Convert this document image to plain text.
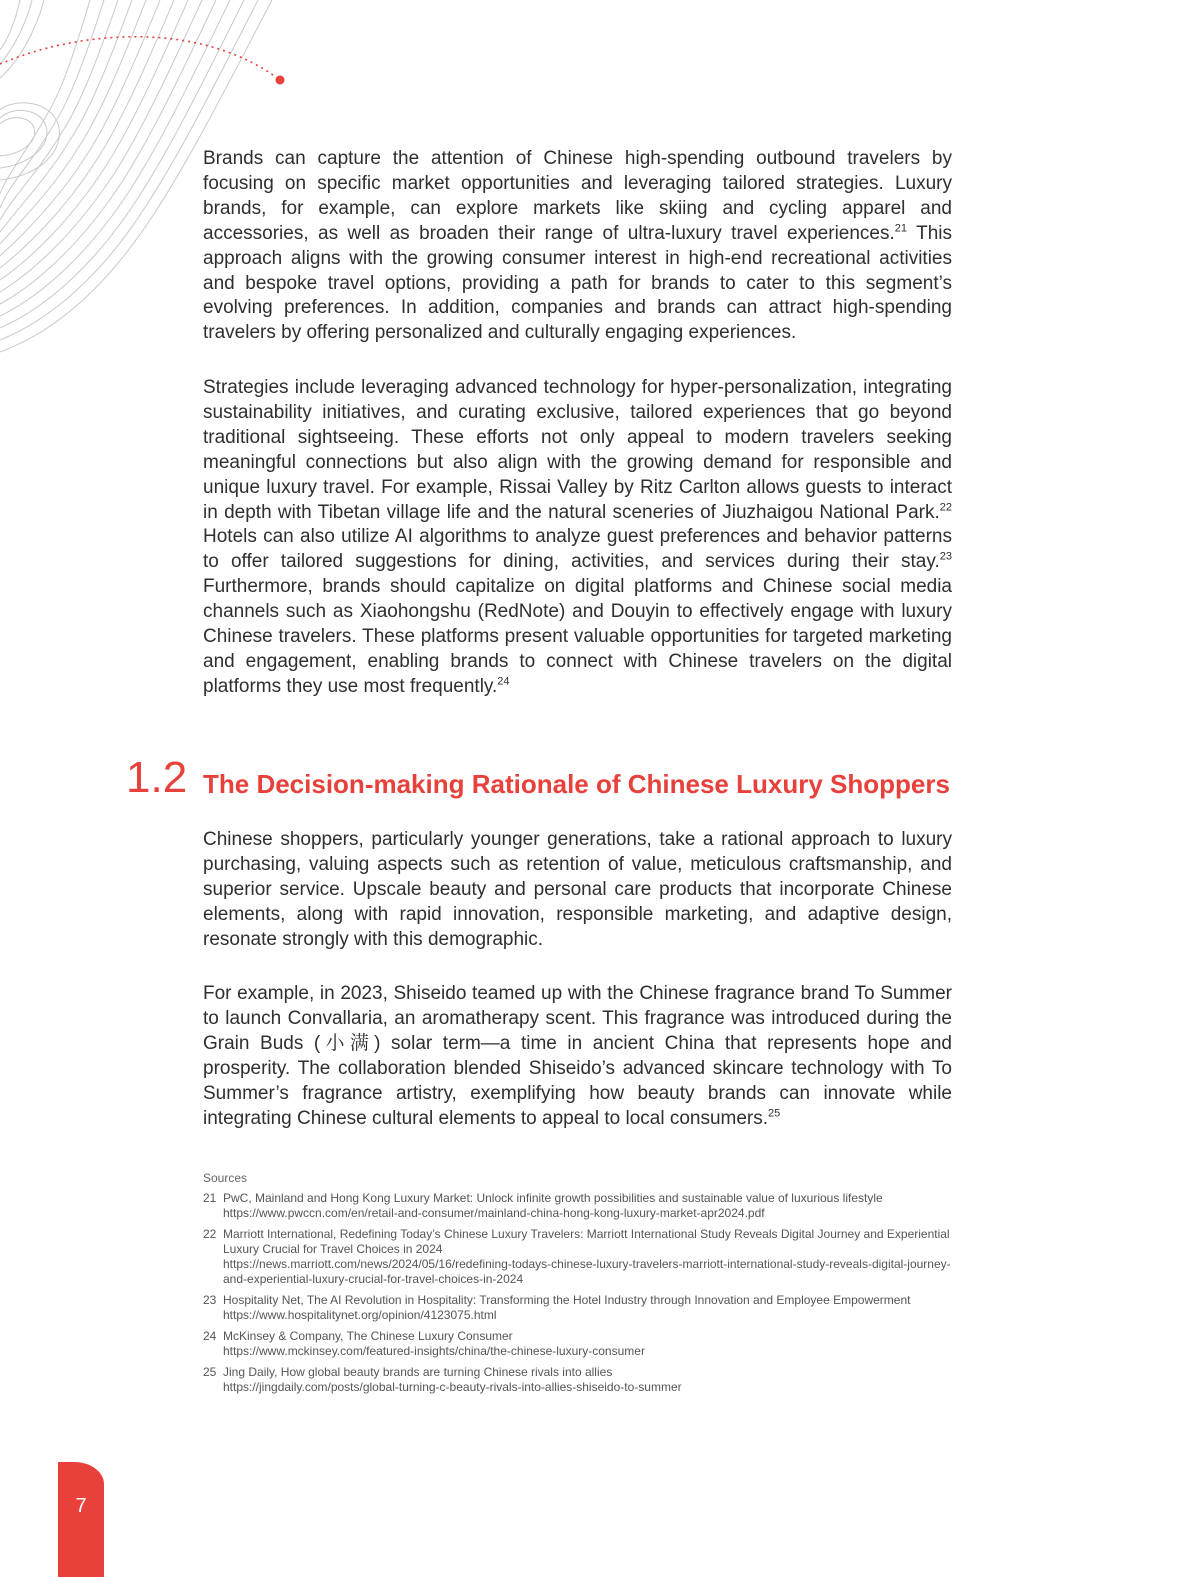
Brands can capture the attention of Chinese high-spending outbound travelers by focusing on specific market opportunities and leveraging tailored strategies. Luxury brands, for example, can explore markets like skiing and cycling apparel and accessories, as well as broaden their range of ultra-luxury travel experiences.$^{21}$ This approach aligns with the growing consumer interest in high-end recreational activities and bespoke travel options, providing a path for brands to cater to this segment’s evolving preferences. In addition, companies and brands can attract high-spending travelers by offering personalized and culturally engaging experiences.

Strategies include leveraging advanced technology for hyper-personalization, integrating sustainability initiatives, and curating exclusive, tailored experiences that go beyond traditional sightseeing. These efforts not only appeal to modern travelers seeking meaningful connections but also align with the growing demand for responsible and unique luxury travel. For example, Rissai Valley by Ritz Carlton allows guests to interact in depth with Tibetan village life and the natural sceneries of Jiuzhaigou National Park.$^{22}$ Hotels can also utilize AI algorithms to analyze guest preferences and behavior patterns to offer tailored suggestions for dining, activities, and services during their stay.$^{23}$ Furthermore, brands should capitalize on digital platforms and Chinese social media channels such as Xiaohongshu (RedNote) and Douyin to effectively engage with luxury Chinese travelers. These platforms present valuable opportunities for targeted marketing and engagement, enabling brands to connect with Chinese travelers on the digital platforms they use most frequently.$^{24}$

1.2 The Decision-making Rationale of Chinese Luxury Shoppers

Chinese shoppers, particularly younger generations, take a rational approach to luxury purchasing, valuing aspects such as retention of value, meticulous craftsmanship, and superior service. Upscale beauty and personal care products that incorporate Chinese elements, along with rapid innovation, responsible marketing, and adaptive design, resonate strongly with this demographic.

For example, in 2023, Shiseido teamed up with the Chinese fragrance brand To Summer to launch Convallaria, an aromatherapy scent. This fragrance was introduced during the Grain Buds (小满) solar term—a time in ancient China that represents hope and prosperity. The collaboration blended Shiseido’s advanced skincare technology with To Summer’s fragrance artistry, exemplifying how beauty brands can innovate while integrating Chinese cultural elements to appeal to local consumers.$^{25}$

Sources
21 PwC, Mainland and Hong Kong Luxury Market: Unlock infinite growth possibilities and sustainable value of luxurious lifestyle
https://www.pwccn.com/en/retail-and-consumer/mainland-china-hong-kong-luxury-market-apr2024.pdf
22 Marriott International, Redefining Today’s Chinese Luxury Travelers: Marriott International Study Reveals Digital Journey and Experiential Luxury Crucial for Travel Choices in 2024
https://news.marriott.com/news/2024/05/16/redefining-todays-chinese-luxury-travelers-marriott-international-study-reveals-digital-journey-and-experiential-luxury-crucial-for-travel-choices-in-2024
23 Hospitality Net, The AI Revolution in Hospitality: Transforming the Hotel Industry through Innovation and Employee Empowerment
https://www.hospitalitynet.org/opinion/4123075.html
24 McKinsey & Company, The Chinese Luxury Consumer
https://www.mckinsey.com/featured-insights/china/the-chinese-luxury-consumer
25 Jing Daily, How global beauty brands are turning Chinese rivals into allies
https://jingdaily.com/posts/global-turning-c-beauty-rivals-into-allies-shiseido-to-summer
7
